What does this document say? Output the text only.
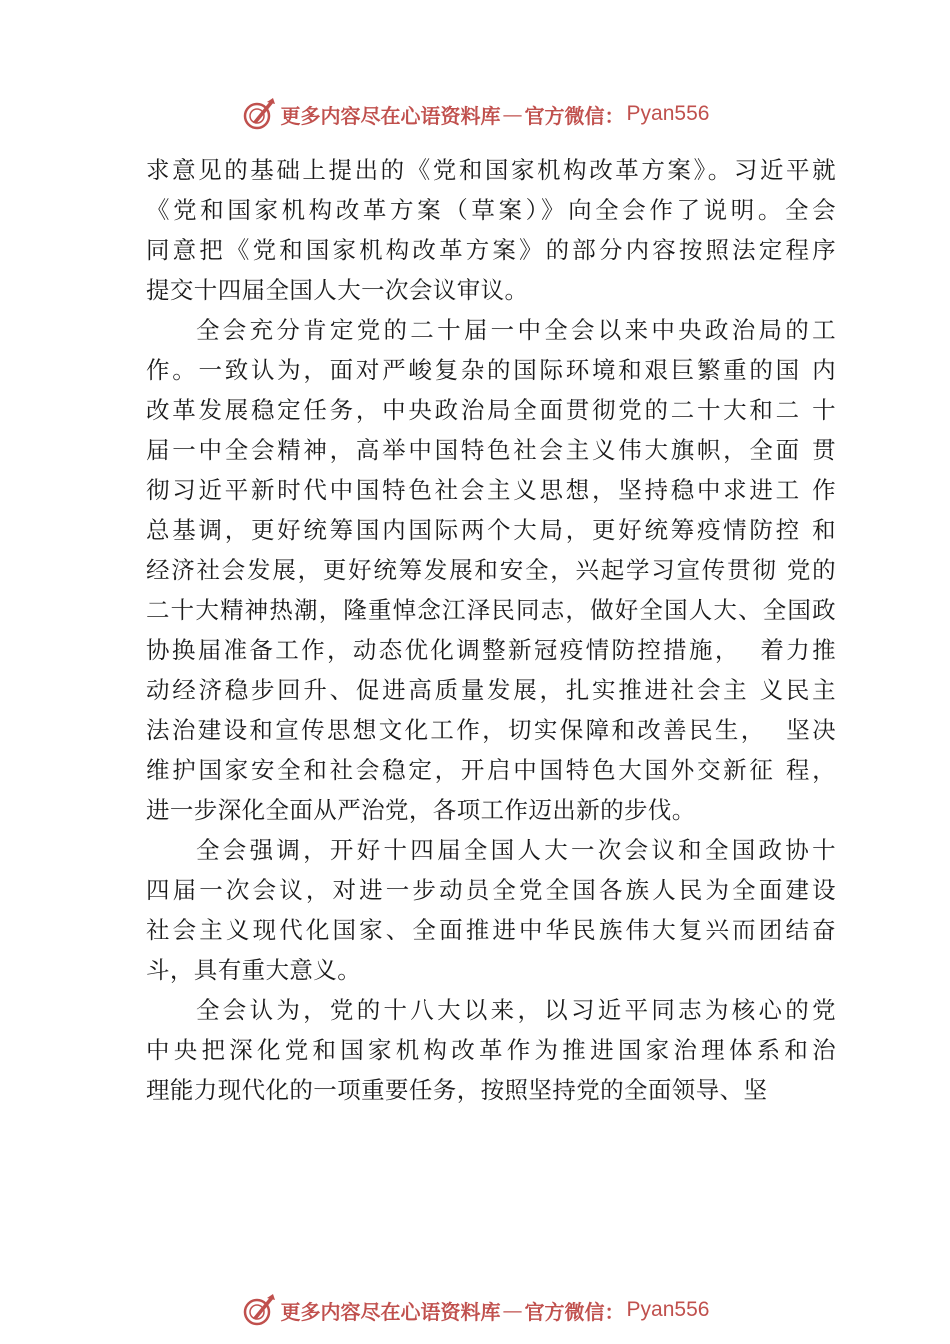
更多内容尽在心语资料库 — 官方微信： Pyan556
求意见的基础上提出的《党和国家机构改革方案》。习近平就
《党和国家机构改革方案（草案）》向全会作了说明。全会
同意把《党和国家机构改革方案》的部分内容按照法定程序
提交十四届全国人大一次会议审议。
全会充分肯定党的二十届一中全会以来中央政治局的工
作。一致认为，面对严峻复杂的国际环境和艰巨繁重的国 内
改革发展稳定任务，中央政治局全面贯彻党的二十大和二 十
届一中全会精神，高举中国特色社会主义伟大旗帜，全面 贯
彻习近平新时代中国特色社会主义思想，坚持稳中求进工 作
总基调，更好统筹国内国际两个大局，更好统筹疫情防控 和
经济社会发展，更好统筹发展和安全，兴起学习宣传贯彻 党的
二十大精神热潮，隆重悼念江泽民同志，做好全国人大、全国政
协换届准备工作，动态优化调整新冠疫情防控措施，  着力推
动经济稳步回升、促进高质量发展，扎实推进社会主 义民主
法治建设和宣传思想文化工作，切实保障和改善民生，  坚决
维护国家安全和社会稳定，开启中国特色大国外交新征 程，
进一步深化全面从严治党，各项工作迈出新的步伐。
全会强调，开好十四届全国人大一次会议和全国政协十
四届一次会议，对进一步动员全党全国各族人民为全面建设
社会主义现代化国家、全面推进中华民族伟大复兴而团结奋
斗，具有重大意义。
全会认为，党的十八大以来，以习近平同志为核心的党
中央把深化党和国家机构改革作为推进国家治理体系和治
理能力现代化的一项重要任务，按照坚持党的全面领导、坚
更多内容尽在心语资料库 — 官方微信： Pyan556
